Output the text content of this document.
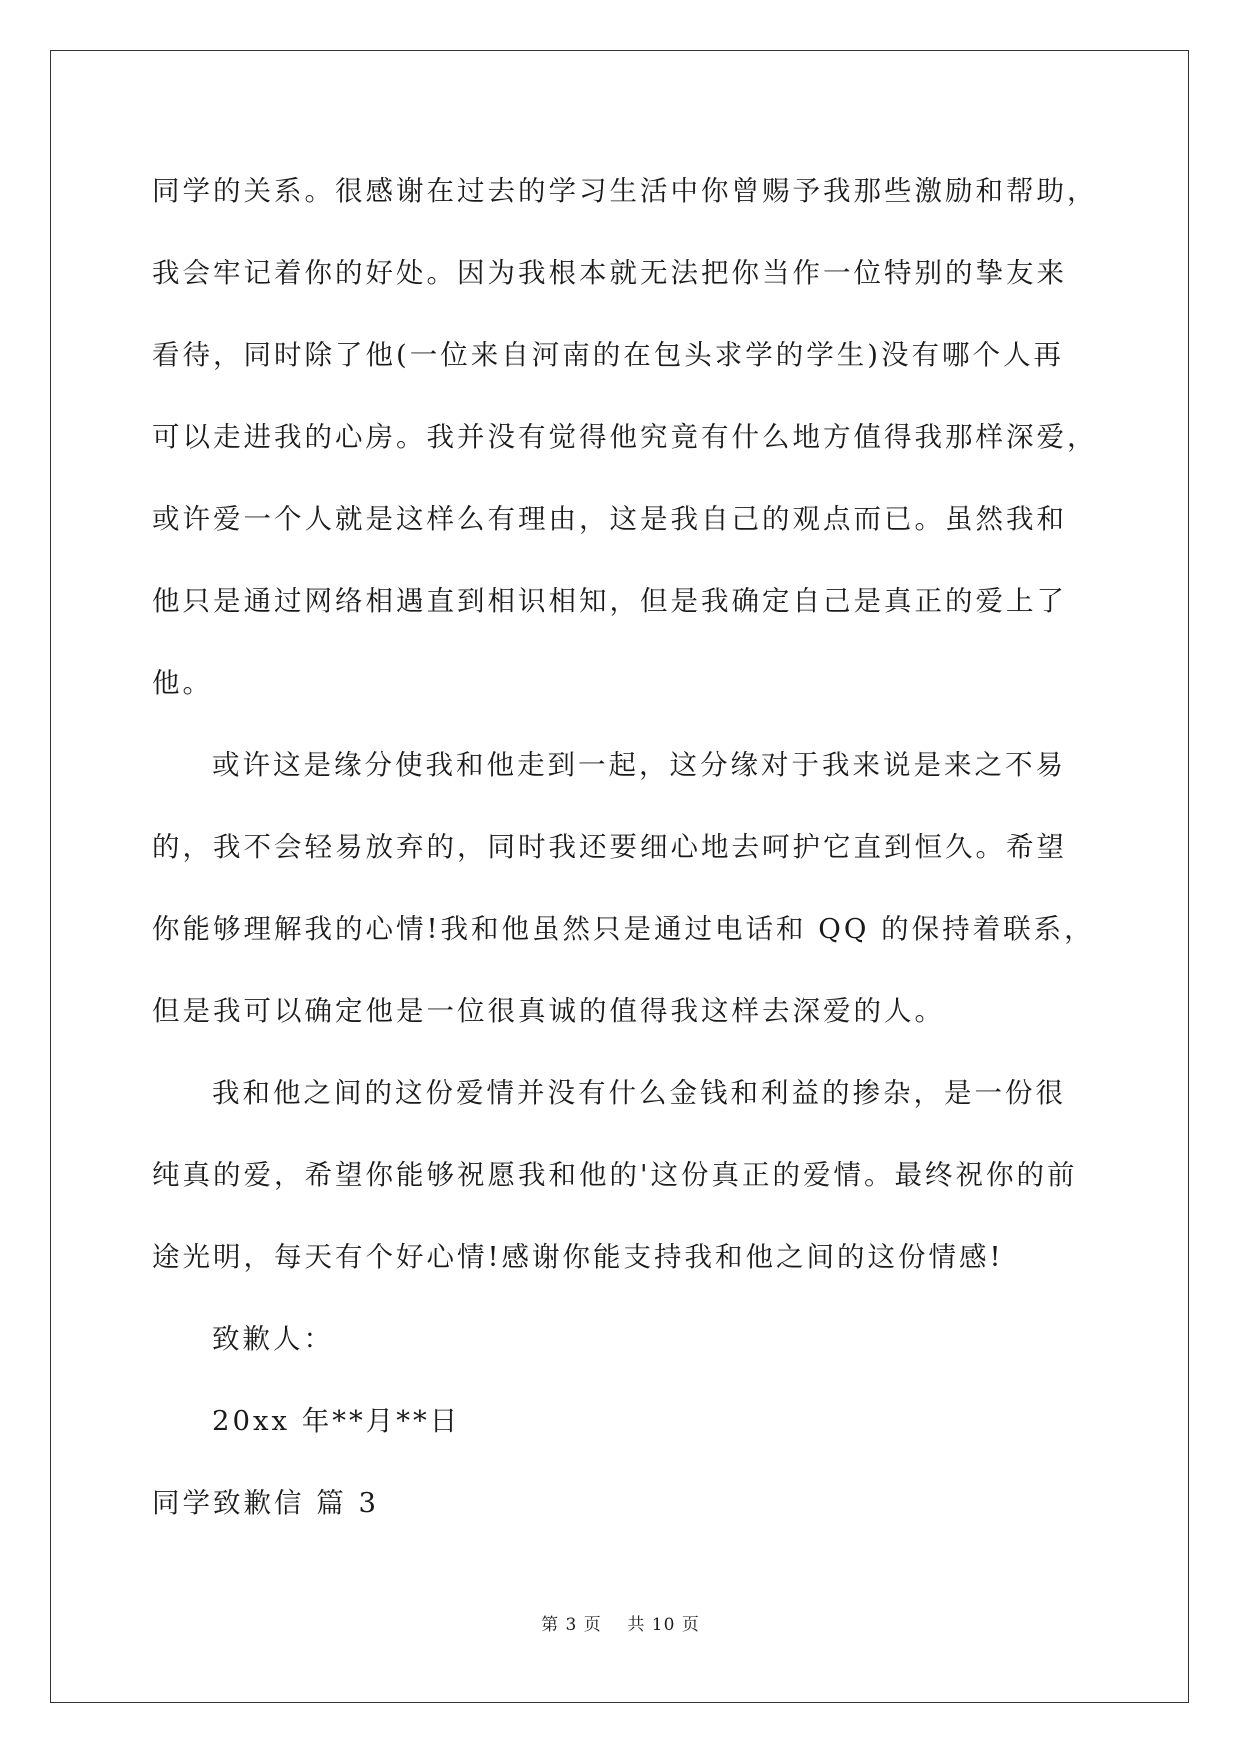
同学的关系。很感谢在过去的学习生活中你曾赐予我那些激励和帮助，
我会牢记着你的好处。因为我根本就无法把你当作一位特别的挚友来
看待，同时除了他(一位来自河南的在包头求学的学生)没有哪个人再
可以走进我的心房。我并没有觉得他究竟有什么地方值得我那样深爱，
或许爱一个人就是这样么有理由，这是我自己的观点而已。虽然我和
他只是通过网络相遇直到相识相知，但是我确定自己是真正的爱上了
他。
或许这是缘分使我和他走到一起，这分缘对于我来说是来之不易
的，我不会轻易放弃的，同时我还要细心地去呵护它直到恒久。希望
你能够理解我的心情!我和他虽然只是通过电话和 QQ 的保持着联系，
但是我可以确定他是一位很真诚的值得我这样去深爱的人。
我和他之间的这份爱情并没有什么金钱和利益的掺杂，是一份很
纯真的爱，希望你能够祝愿我和他的'这份真正的爱情。最终祝你的前
途光明，每天有个好心情!感谢你能支持我和他之间的这份情感!
致歉人：
20xx 年**月**日
同学致歉信 篇 3
第 3 页 共 10 页
